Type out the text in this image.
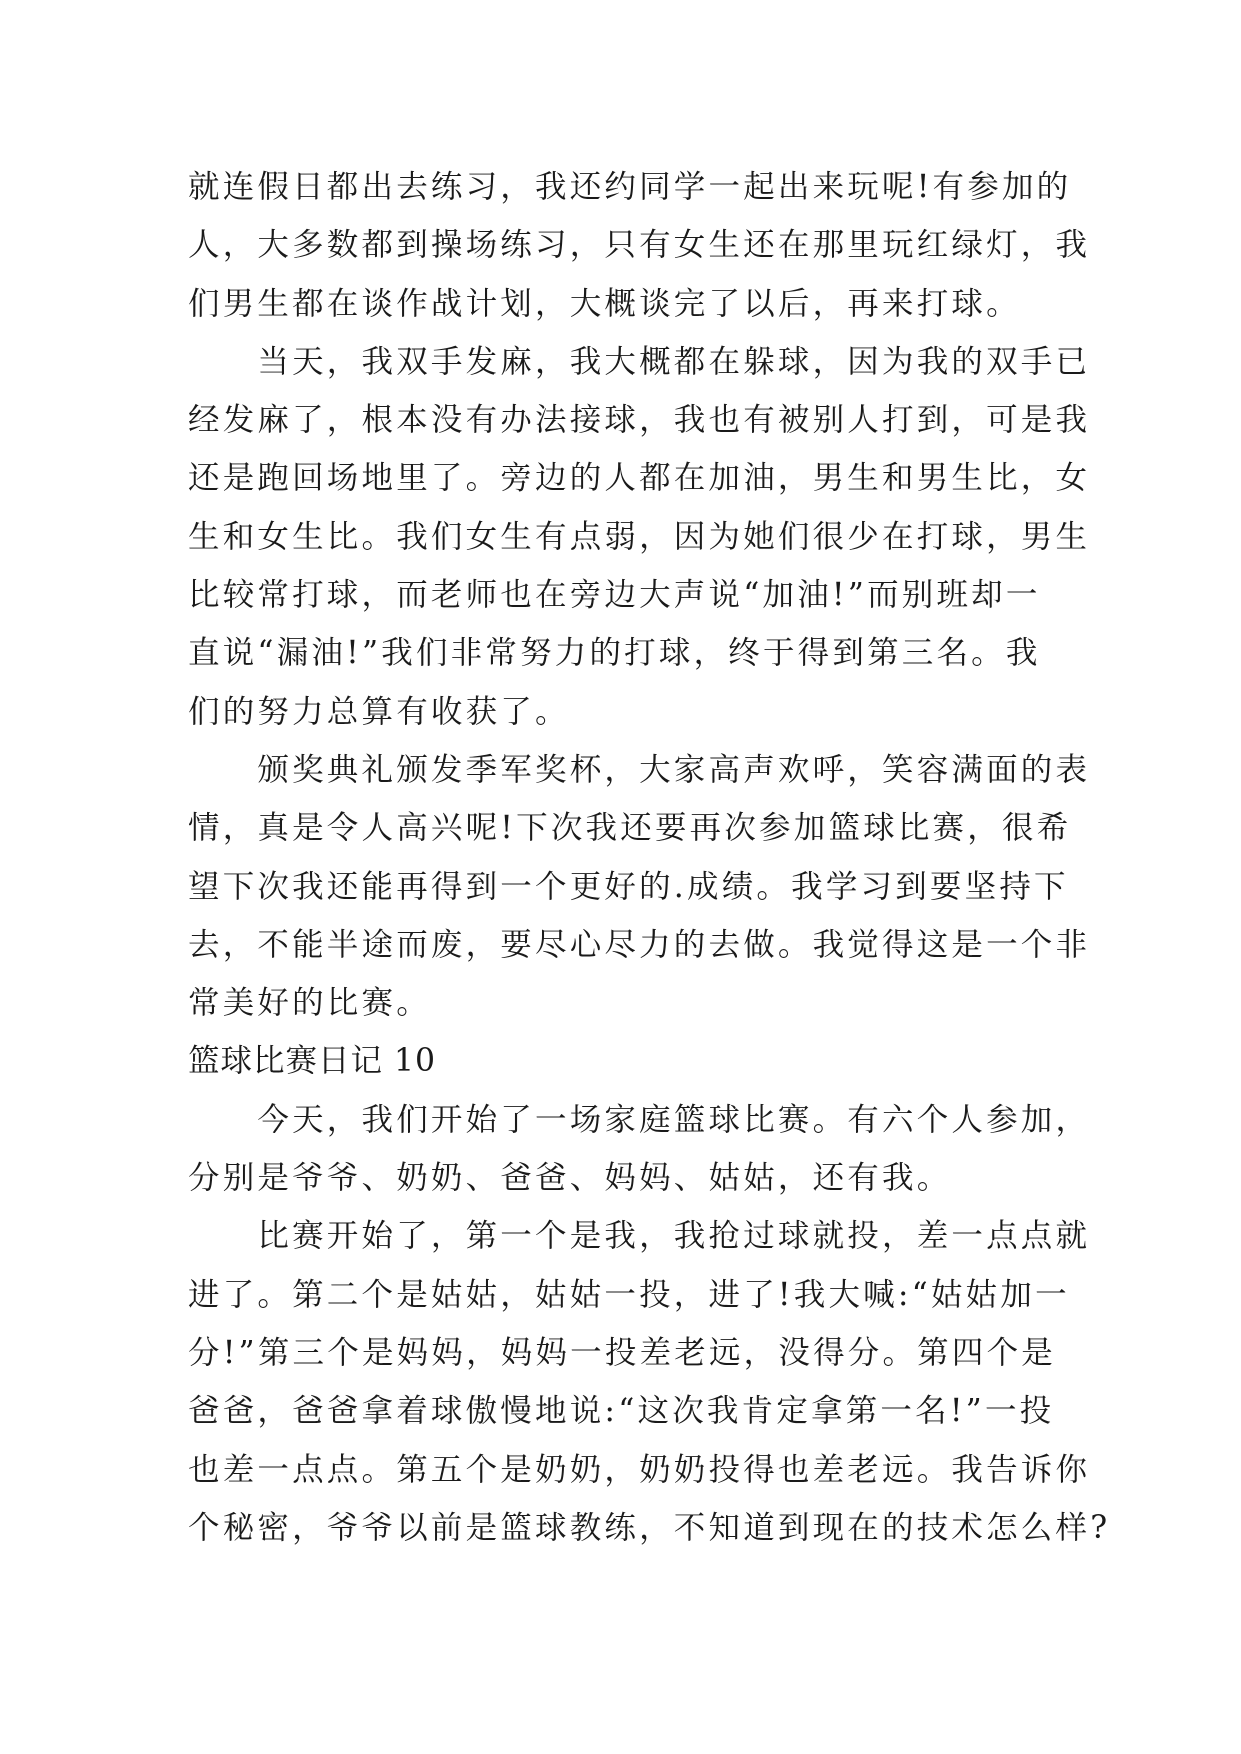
就连假日都出去练习，我还约同学一起出来玩呢!有参加的
人，大多数都到操场练习，只有女生还在那里玩红绿灯，我
们男生都在谈作战计划，大概谈完了以后，再来打球。
　　当天，我双手发麻，我大概都在躲球，因为我的双手已
经发麻了，根本没有办法接球，我也有被别人打到，可是我
还是跑回场地里了。旁边的人都在加油，男生和男生比，女
生和女生比。我们女生有点弱，因为她们很少在打球，男生
比较常打球，而老师也在旁边大声说“加油!”而别班却一
直说“漏油!”我们非常努力的打球，终于得到第三名。我
们的努力总算有收获了。
　　颁奖典礼颁发季军奖杯，大家高声欢呼，笑容满面的表
情，真是令人高兴呢!下次我还要再次参加篮球比赛，很希
望下次我还能再得到一个更好的.成绩。我学习到要坚持下
去，不能半途而废，要尽心尽力的去做。我觉得这是一个非
常美好的比赛。
篮球比赛日记 10
　　今天，我们开始了一场家庭篮球比赛。有六个人参加，
分别是爷爷、奶奶、爸爸、妈妈、姑姑，还有我。
　　比赛开始了，第一个是我，我抢过球就投，差一点点就
进了。第二个是姑姑，姑姑一投，进了!我大喊:“姑姑加一
分!”第三个是妈妈，妈妈一投差老远，没得分。第四个是
爸爸，爸爸拿着球傲慢地说:“这次我肯定拿第一名!”一投
也差一点点。第五个是奶奶，奶奶投得也差老远。我告诉你
个秘密，爷爷以前是篮球教练，不知道到现在的技术怎么样?
